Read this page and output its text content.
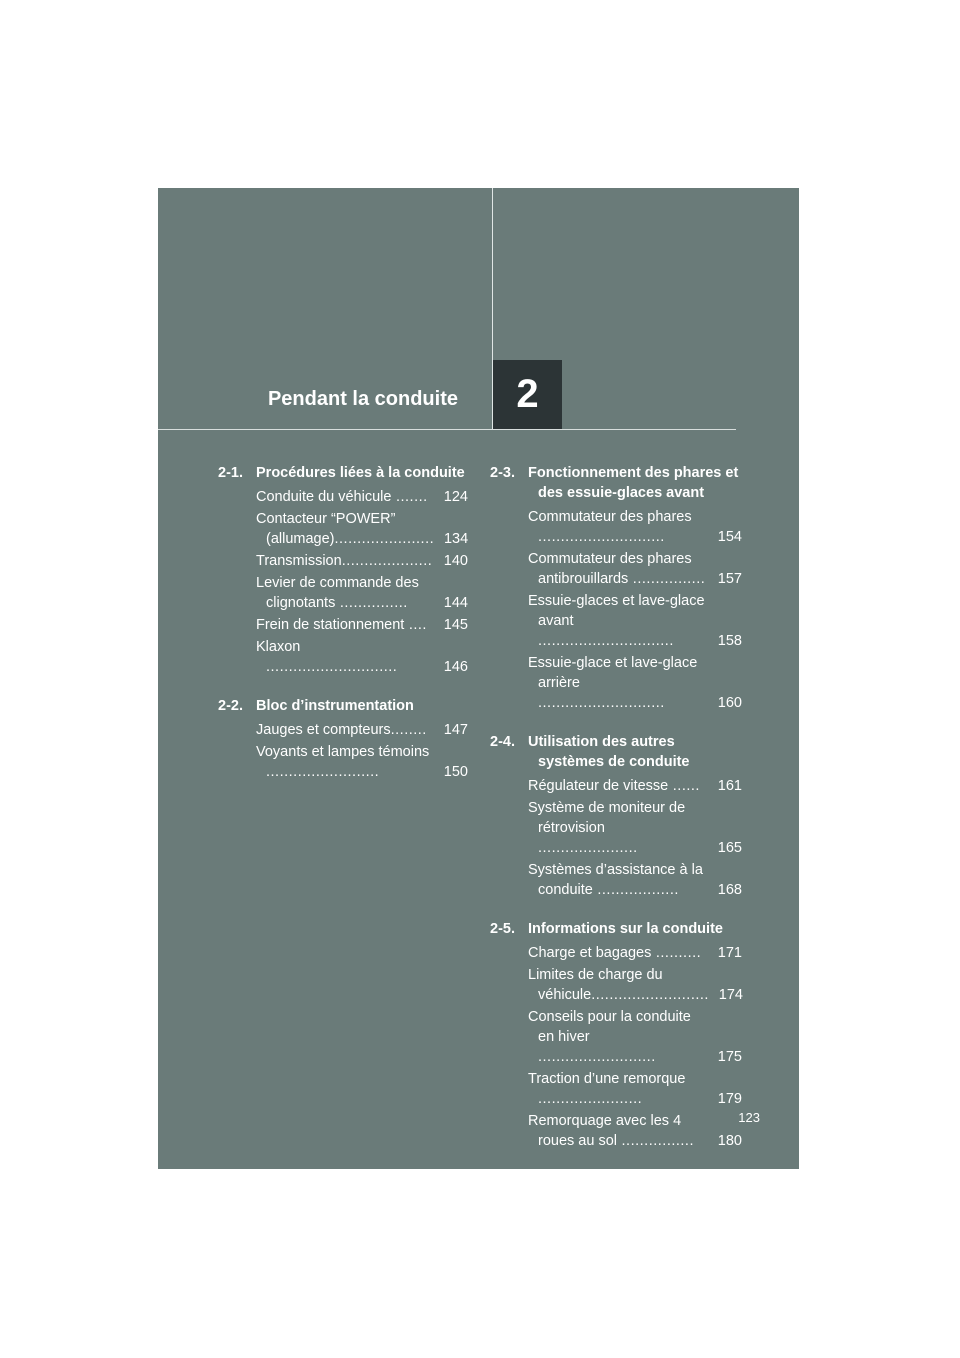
Pendant la conduite 2
2-1. Procédures liées à la conduite
Conduite du véhicule .......	124
Contacteur “POWER” (allumage)...................... 134
Transmission.................... 140
Levier de commande des clignotants ...............	144
Frein de stationnement ....	145
Klaxon .............................	146
2-2. Bloc d’instrumentation
Jauges et compteurs........	147
Voyants et lampes témoins .........................	150
2-3. Fonctionnement des phares et des essuie-glaces avant
Commutateur des phares ............................	154
Commutateur des phares antibrouillards ................ 157
Essuie-glaces et lave-glace avant ..............................	158
Essuie-glace et lave-glace arrière ............................	160
2-4. Utilisation des autres systèmes de conduite
Régulateur de vitesse ......	161
Système de moniteur de rétrovision ......................	165
Systèmes d’assistance à la conduite ..................	168
2-5. Informations sur la conduite
Charge et bagages ..........	171
Limites de charge du véhicule.......................... 174
Conseils pour la conduite en hiver ..........................	175
Traction d’une remorque .......................	179
Remorquage avec les 4 roues au sol ................	180
123
